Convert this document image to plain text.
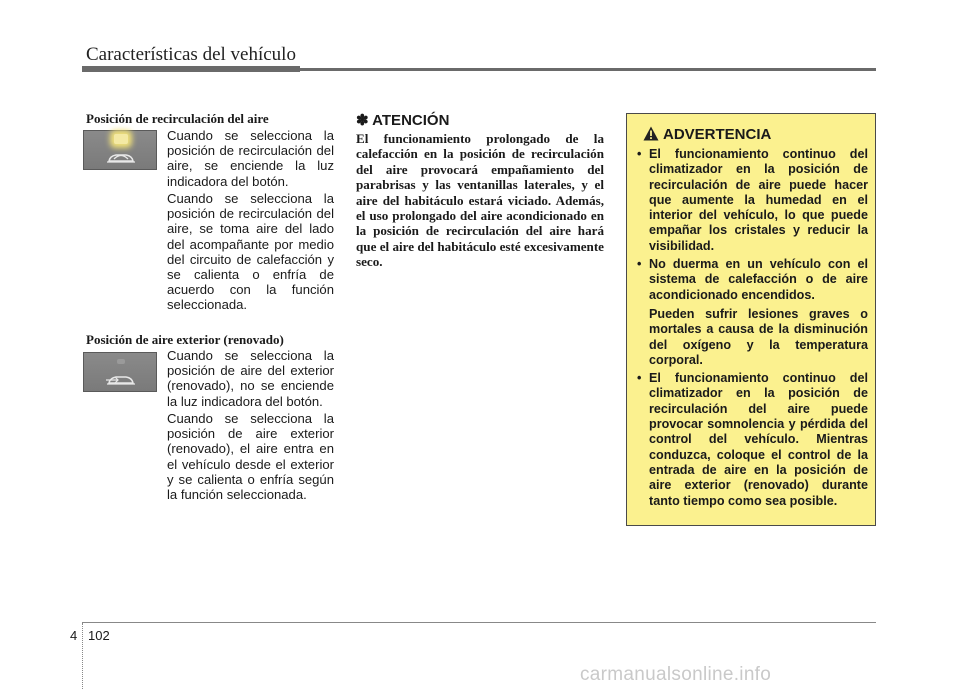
Características del vehículo
Posición de recirculación del aire
Cuando se selecciona la posición de recirculación del aire, se enciende la luz indicadora del botón.
Cuando se selecciona la posición de recirculación del aire, se toma aire del lado del acompañante por medio del circuito de calefacción y se calienta o enfría de acuerdo con la función seleccionada.
Posición de aire exterior (renovado)
Cuando se selecciona la posición de aire del exterior (renovado), no se enciende la luz indicadora del botón.
Cuando se selecciona la posición de aire exterior (renovado), el aire entra en el vehículo desde el exterior y se calienta o enfría según la función seleccionada.
✽ ATENCIÓN
El funcionamiento prolongado de la calefacción en la posición de recirculación del aire provocará empañamiento del parabrisas y las ventanillas laterales, y el aire del habitáculo estará viciado. Además, el uso prolongado del aire acondicionado en la posición de recirculación del aire hará que el aire del habitáculo esté excesivamente seco.
ADVERTENCIA
• El funcionamiento continuo del climatizador en la posición de recirculación de aire puede hacer que aumente la humedad en el interior del vehículo, lo que puede empañar los cristales y reducir la visibilidad.

• No duerma en un vehículo con el sistema de calefacción o de aire acondicionado encendidos.

Pueden sufrir lesiones graves o mortales a causa de la disminución del oxígeno y la temperatura corporal.

• El funcionamiento continuo del climatizador en la posición de recirculación del aire puede provocar somnolencia y pérdida del control del vehículo. Mientras conduzca, coloque el control de la entrada de aire en la posición de aire exterior (renovado) durante tanto tiempo como sea posible.

4 102
carmanualsonline.info
